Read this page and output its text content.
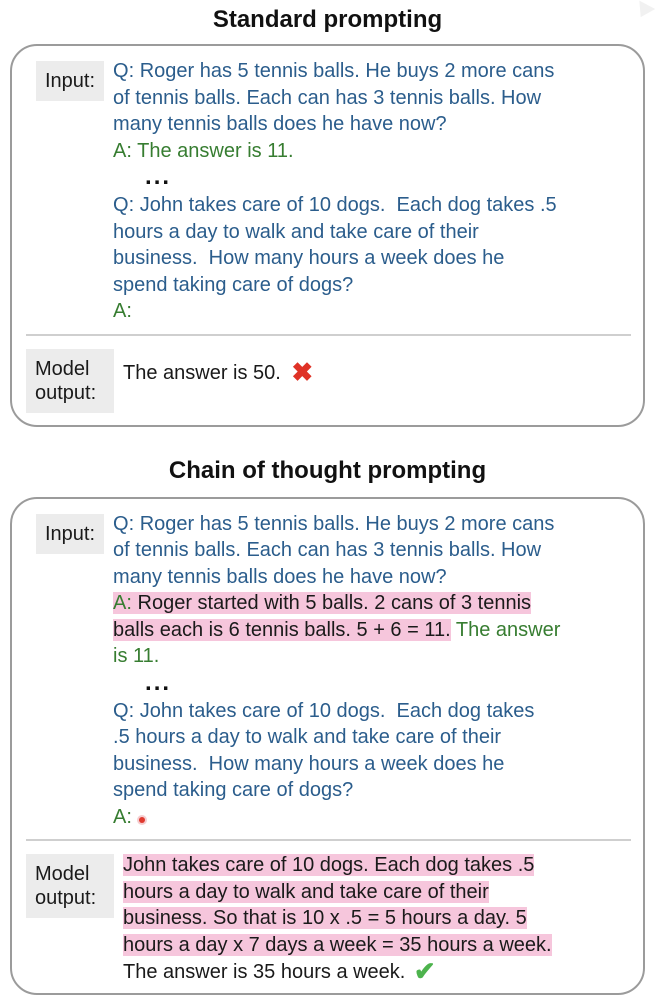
Standard prompting
Input: Q: Roger has 5 tennis balls. He buys 2 more cans
of tennis balls. Each can has 3 tennis balls. How
many tennis balls does he have now?
A: The answer is 11.
...
Q: John takes care of 10 dogs.  Each dog takes .5
hours a day to walk and take care of their
business.  How many hours a week does he
spend taking care of dogs?
A:
Model output:
The answer is 50. ✖
Chain of thought prompting
Input: Q: Roger has 5 tennis balls. He buys 2 more cans
of tennis balls. Each can has 3 tennis balls. How
many tennis balls does he have now?
A: Roger started with 5 balls. 2 cans of 3 tennis
balls each is 6 tennis balls. 5 + 6 = 11. The answer
is 11.
...
Q: John takes care of 10 dogs.  Each dog takes
.5 hours a day to walk and take care of their
business.  How many hours a week does he
spend taking care of dogs?
A:
Model output:
John takes care of 10 dogs. Each dog takes .5
hours a day to walk and take care of their
business. So that is 10 x .5 = 5 hours a day. 5
hours a day x 7 days a week = 35 hours a week.
The answer is 35 hours a week. ✔
